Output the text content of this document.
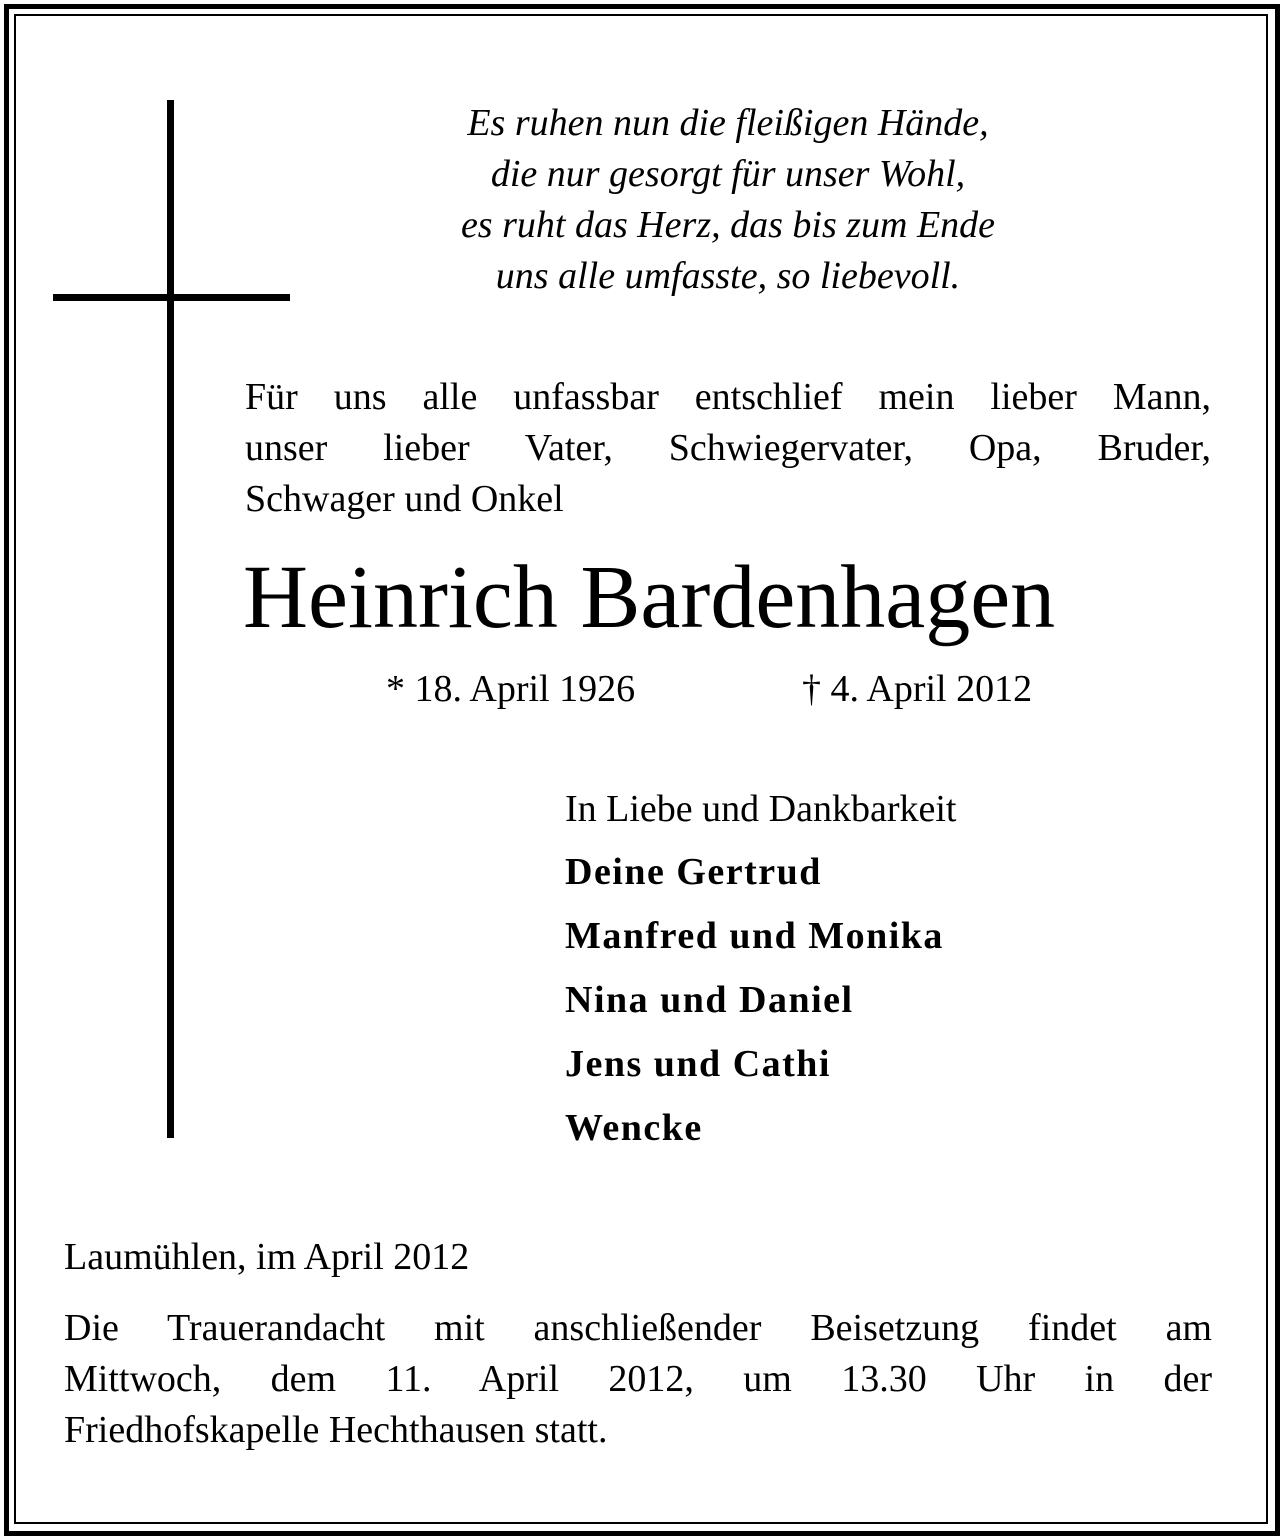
Es ruhen nun die fleißigen Hände,
die nur gesorgt für unser Wohl,
es ruht das Herz, das bis zum Ende
uns alle umfasste, so liebevoll.
Für uns alle unfassbar entschlief mein lieber Mann,
unser lieber Vater, Schwiegervater, Opa, Bruder,
Schwager und Onkel
Heinrich Bardenhagen
* 18. April 1926	† 4. April 2012
In Liebe und Dankbarkeit
Deine Gertrud
Manfred und Monika
Nina und Daniel
Jens und Cathi
Wencke
Laumühlen, im April 2012
Die Trauerandacht mit anschließender Beisetzung findet am
Mittwoch, dem 11. April 2012, um 13.30 Uhr in der
Friedhofskapelle Hechthausen statt.
